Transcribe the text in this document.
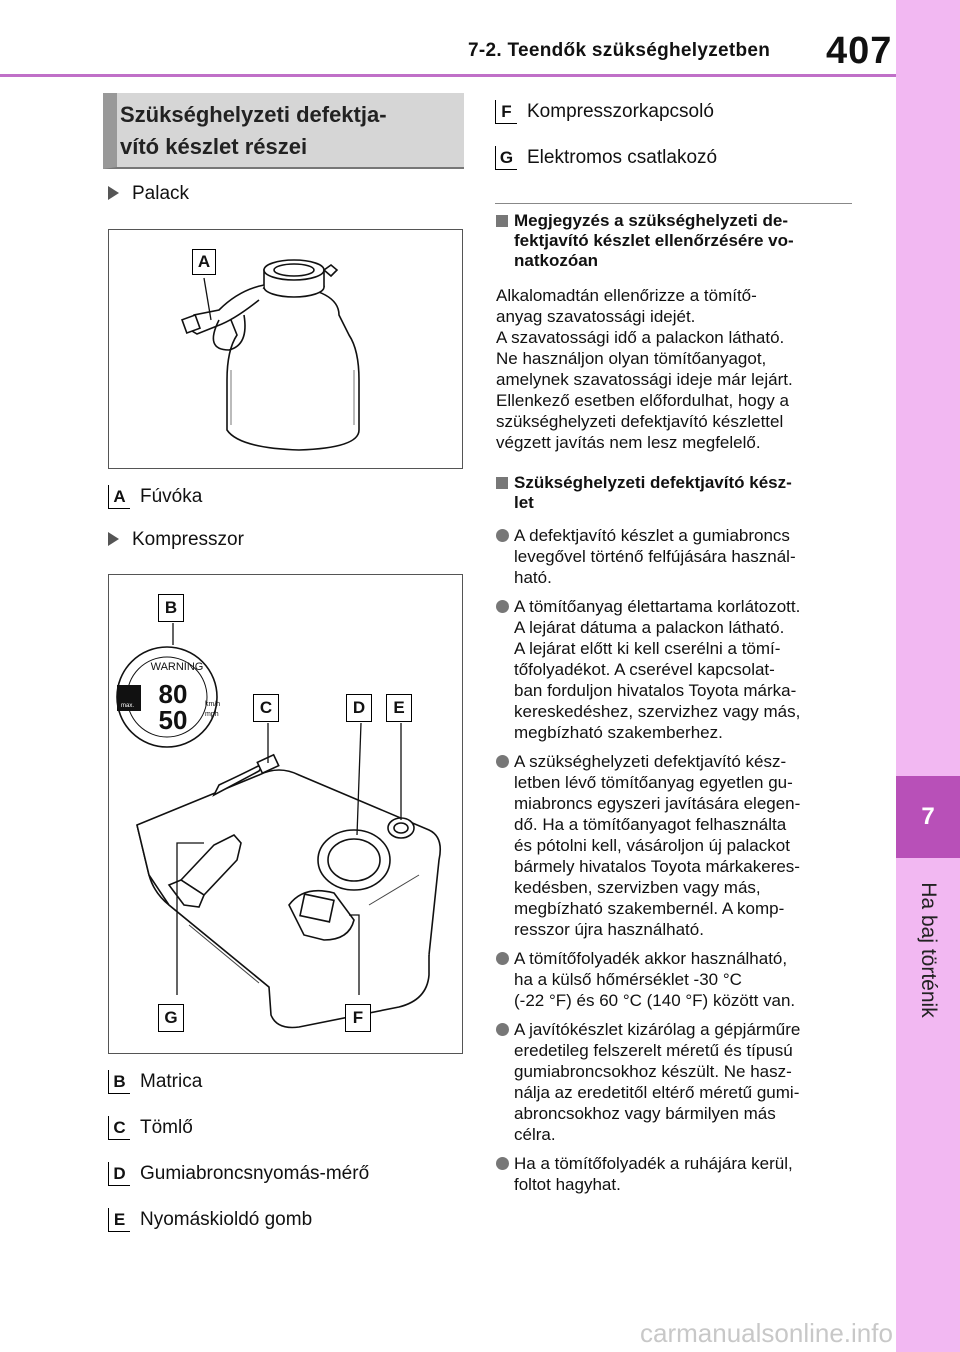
7-2. Teendők szükséghelyzetben 407
7
Ha baj történik
Szükséghelyzeti defektja-
vító készlet részei
Palack
A
A Fúvóka
Kompresszor
80
50
WARNING
km/h
mph
max.
B
C	D E
F
G
B Matrica
C Tömlő
D Gumiabroncsnyomás-mérő
E Nyomáskioldó gomb
F Kompresszorkapcsoló
G Elektromos csatlakozó
Megjegyzés a szükséghelyzeti de-
fektjavító készlet ellenőrzésére vo-
natkozóan
Alkalomadtán ellenőrizze a tömítő-
anyag szavatossági idejét.
A szavatossági idő a palackon látható.
Ne használjon olyan tömítőanyagot,
amelynek szavatossági ideje már lejárt.
Ellenkező esetben előfordulhat, hogy a
szükséghelyzeti defektjavító készlettel
végzett javítás nem lesz megfelelő.
Szükséghelyzeti defektjavító kész-
let
A defektjavító készlet a gumiabroncs
levegővel történő felfújására használ-
ható.
A tömítőanyag élettartama korlátozott.
A lejárat dátuma a palackon látható.
A lejárat előtt ki kell cserélni a tömí-
tőfolyadékot. A cserével kapcsolat-
ban forduljon hivatalos Toyota márka-
kereskedéshez, szervizhez vagy más,
megbízható szakemberhez.
A szükséghelyzeti defektjavító kész-
letben lévő tömítőanyag egyetlen gu-
miabroncs egyszeri javítására elegen-
dő. Ha a tömítőanyagot felhasználta
és pótolni kell, vásároljon új palackot
bármely hivatalos Toyota márkakeres-
kedésben, szervizben vagy más,
megbízható szakembernél. A komp-
resszor újra használható.
A tömítőfolyadék akkor használható,
ha a külső hőmérséklet -30 °C
(-22 °F) és 60 °C (140 °F) között van.
A javítókészlet kizárólag a gépjárműre
eredetileg felszerelt méretű és típusú
gumiabroncsokhoz készült. Ne hasz-
nálja az eredetitől eltérő méretű gumi-
abroncsokhoz vagy bármilyen más
célra.
Ha a tömítőfolyadék a ruhájára kerül,
foltot hagyhat.
carmanualsonline.info
